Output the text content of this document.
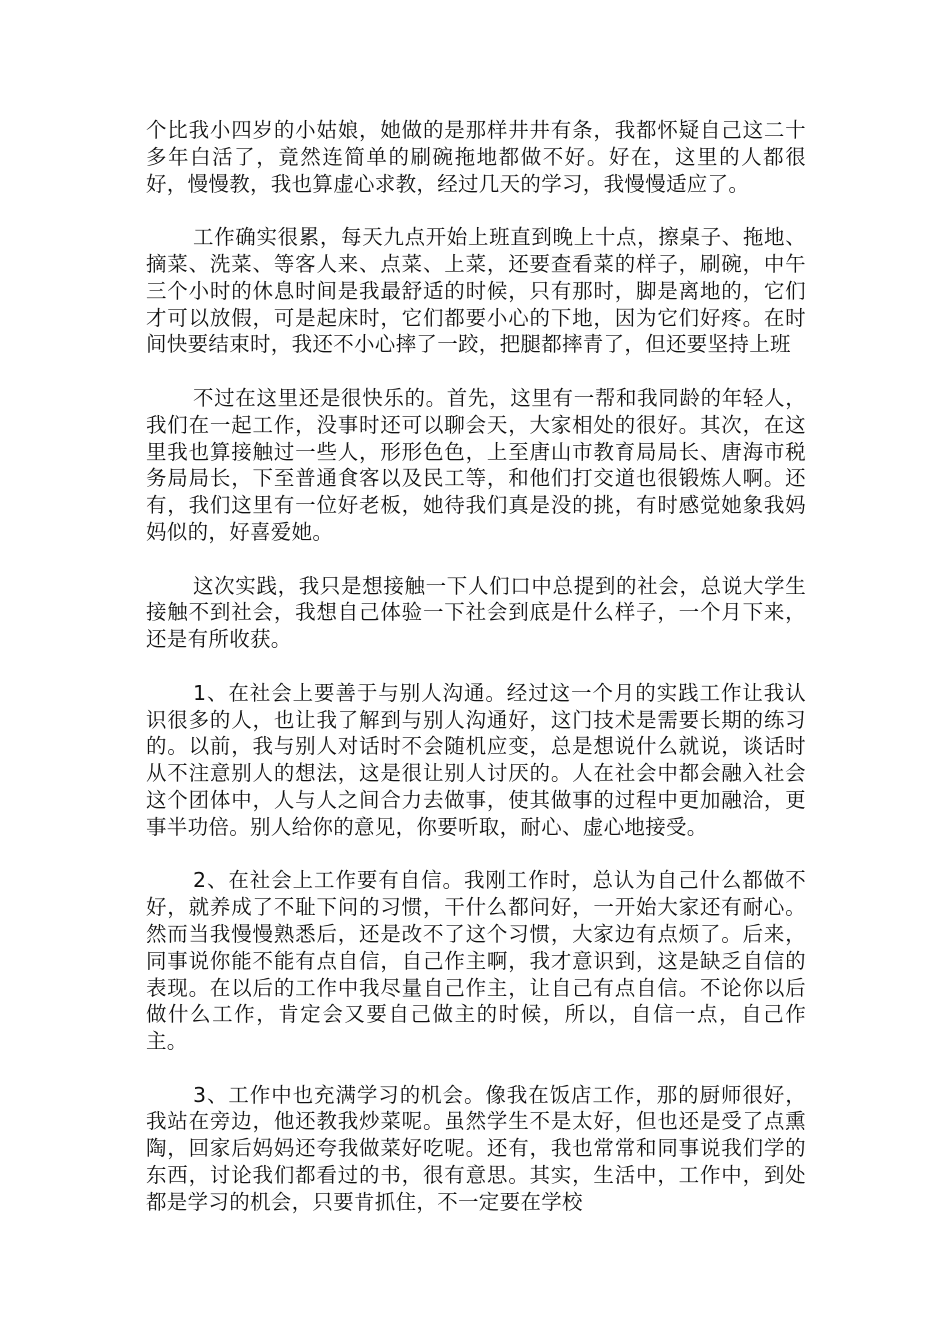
个比我小四岁的小姑娘，她做的是那样井井有条，我都怀疑自己这二十多年白活了，竟然连简单的刷碗拖地都做不好。好在，这里的人都很好，慢慢教，我也算虚心求教，经过几天的学习，我慢慢适应了。

工作确实很累，每天九点开始上班直到晚上十点，擦桌子、拖地、摘菜、洗菜、等客人来、点菜、上菜，还要查看菜的样子，刷碗，中午三个小时的休息时间是我最舒适的时候，只有那时，脚是离地的，它们才可以放假，可是起床时，它们都要小心的下地，因为它们好疼。在时间快要结束时，我还不小心摔了一跤，把腿都摔青了，但还要坚持上班

不过在这里还是很快乐的。首先，这里有一帮和我同龄的年轻人，我们在一起工作，没事时还可以聊会天，大家相处的很好。其次，在这里我也算接触过一些人，形形色色，上至唐山市教育局局长、唐海市税务局局长，下至普通食客以及民工等，和他们打交道也很锻炼人啊。还有，我们这里有一位好老板，她待我们真是没的挑，有时感觉她象我妈妈似的，好喜爱她。

这次实践，我只是想接触一下人们口中总提到的社会，总说大学生接触不到社会，我想自己体验一下社会到底是什么样子，一个月下来，还是有所收获。

1、在社会上要善于与别人沟通。经过这一个月的实践工作让我认识很多的人，也让我了解到与别人沟通好，这门技术是需要长期的练习的。以前，我与别人对话时不会随机应变，总是想说什么就说，谈话时从不注意别人的想法，这是很让别人讨厌的。人在社会中都会融入社会这个团体中，人与人之间合力去做事，使其做事的过程中更加融洽，更事半功倍。别人给你的意见，你要听取，耐心、虚心地接受。

2、在社会上工作要有自信。我刚工作时，总认为自己什么都做不好，就养成了不耻下问的习惯，干什么都问好，一开始大家还有耐心。然而当我慢慢熟悉后，还是改不了这个习惯，大家边有点烦了。后来，同事说你能不能有点自信，自己作主啊，我才意识到，这是缺乏自信的表现。在以后的工作中我尽量自己作主，让自己有点自信。不论你以后做什么工作，肯定会又要自己做主的时候，所以，自信一点，自己作主。

3、工作中也充满学习的机会。像我在饭店工作，那的厨师很好，我站在旁边，他还教我炒菜呢。虽然学生不是太好，但也还是受了点熏陶，回家后妈妈还夸我做菜好吃呢。还有，我也常常和同事说我们学的东西，讨论我们都看过的书，很有意思。其实，生活中，工作中，到处都是学习的机会，只要肯抓住，不一定要在学校
